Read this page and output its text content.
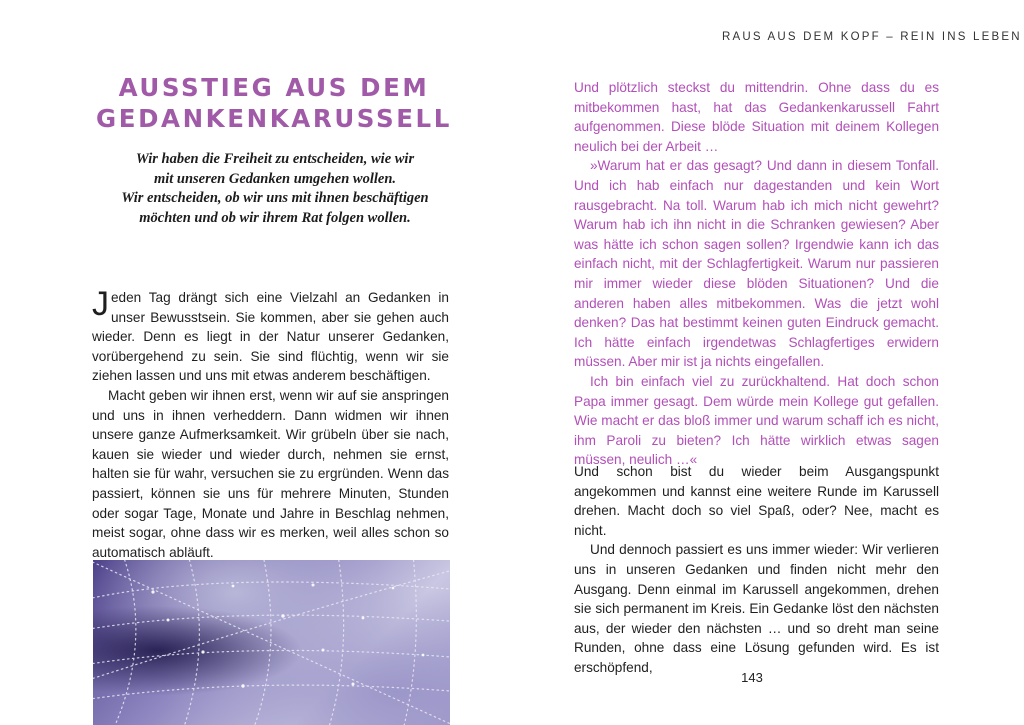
AUSSTIEG AUS DEM
GEDANKENKARUSSELL
Wir haben die Freiheit zu entscheiden, wie wir
mit unseren Gedanken umgehen wollen.
Wir entscheiden, ob wir uns mit ihnen beschäftigen
möchten und ob wir ihrem Rat folgen wollen.

Jeden Tag drängt sich eine Vielzahl an Gedanken in unser Bewusstsein. Sie kommen, aber sie gehen auch wieder. Denn es liegt in der Natur unserer Gedanken, vorübergehend zu sein. Sie sind flüchtig, wenn wir sie ziehen lassen und uns mit etwas anderem beschäftigen.

Macht geben wir ihnen erst, wenn wir auf sie anspringen und uns in ihnen verheddern. Dann widmen wir ihnen unsere ganze Aufmerksamkeit. Wir grübeln über sie nach, kauen sie wieder und wieder durch, nehmen sie ernst, halten sie für wahr, versuchen sie zu ergründen. Wenn das passiert, können sie uns für mehrere Minuten, Stunden oder sogar Tage, Monate und Jahre in Beschlag nehmen, meist sogar, ohne dass wir es merken, weil alles schon so automatisch abläuft.

RAUS AUS DEM KOPF – REIN INS LEBEN

Und plötzlich steckst du mittendrin. Ohne dass du es mitbekommen hast, hat das Gedankenkarussell Fahrt aufgenommen. Diese blöde Situation mit deinem Kollegen neulich bei der Arbeit …

»Warum hat er das gesagt? Und dann in diesem Tonfall. Und ich hab einfach nur dagestanden und kein Wort rausgebracht. Na toll. Warum hab ich mich nicht gewehrt? Warum hab ich ihn nicht in die Schranken gewiesen? Aber was hätte ich schon sagen sollen? Irgendwie kann ich das einfach nicht, mit der Schlagfertigkeit. Warum nur passieren mir immer wieder diese blöden Situationen? Und die anderen haben alles mitbekommen. Was die jetzt wohl denken? Das hat bestimmt keinen guten Eindruck gemacht. Ich hätte einfach irgendetwas Schlagfertiges erwidern müssen. Aber mir ist ja nichts eingefallen.

Ich bin einfach viel zu zurückhaltend. Hat doch schon Papa immer gesagt. Dem würde mein Kollege gut gefallen. Wie macht er das bloß immer und warum schaff ich es nicht, ihm Paroli zu bieten? Ich hätte wirklich etwas sagen müssen, neulich …«

Und schon bist du wieder beim Ausgangspunkt angekommen und kannst eine weitere Runde im Karussell drehen. Macht doch so viel Spaß, oder? Nee, macht es nicht.

Und dennoch passiert es uns immer wieder: Wir verlieren uns in unseren Gedanken und finden nicht mehr den Ausgang. Denn einmal im Karussell angekommen, drehen sie sich permanent im Kreis. Ein Gedanke löst den nächsten aus, der wieder den nächsten … und so dreht man seine Runden, ohne dass eine Lösung gefunden wird. Es ist erschöpfend,

143
